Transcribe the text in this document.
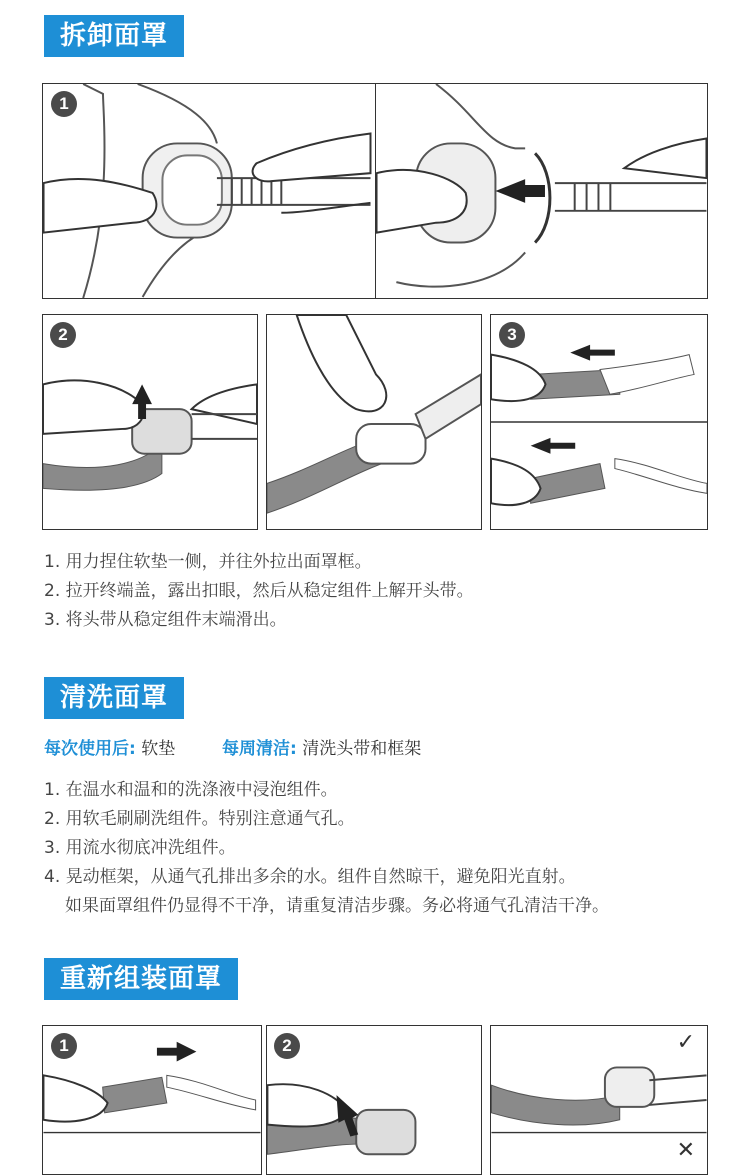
拆卸面罩
1
2	3
1. 用力捏住软垫一侧，并往外拉出面罩框。
2. 拉开终端盖，露出扣眼，然后从稳定组件上解开头带。
3. 将头带从稳定组件末端滑出。
清洗面罩
每次使用后: 软垫	每周清洁: 清洗头带和框架
1. 在温水和温和的洗涤液中浸泡组件。
2. 用软毛刷刷洗组件。特别注意通气孔。
3. 用流水彻底冲洗组件。
4. 晃动框架，从通气孔排出多余的水。组件自然晾干，避免阳光直射。
如果面罩组件仍显得不干净，请重复清洁步骤。务必将通气孔清洁干净。
重新组装面罩
1	2	✓
✕
